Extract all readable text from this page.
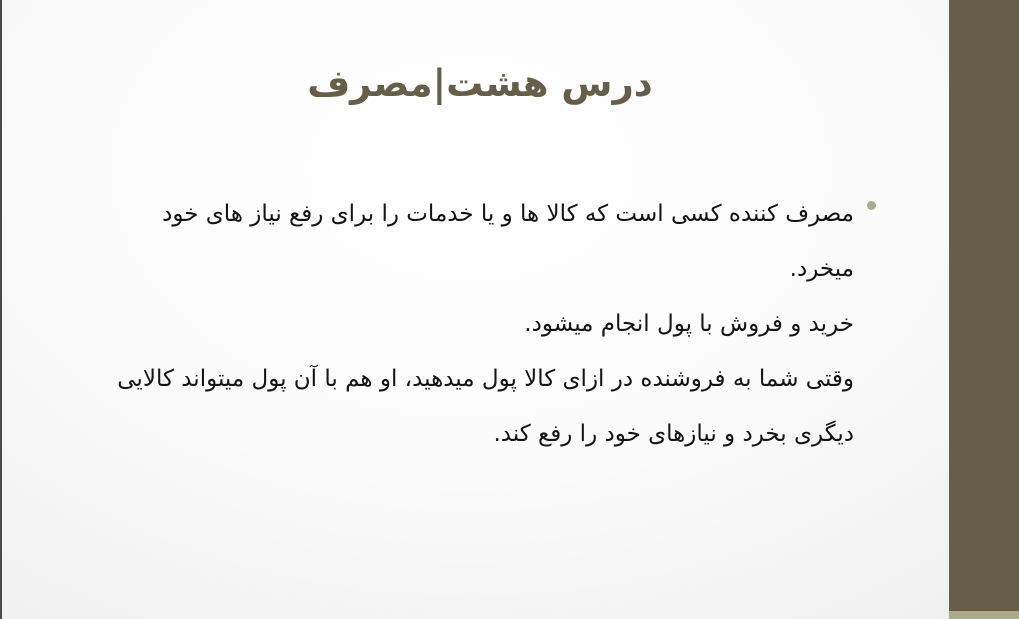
درس هشت|مصرف
مصرف کننده کسی است که کالا ها و یا خدمات را برای رفع نیاز های خود میخرد.
خرید و فروش با پول انجام میشود.
وقتی شما به فروشنده در ازای کالا پول میدهید، او هم با آن پول میتواند کالایی دیگری بخرد و نیازهای خود را رفع کند.
